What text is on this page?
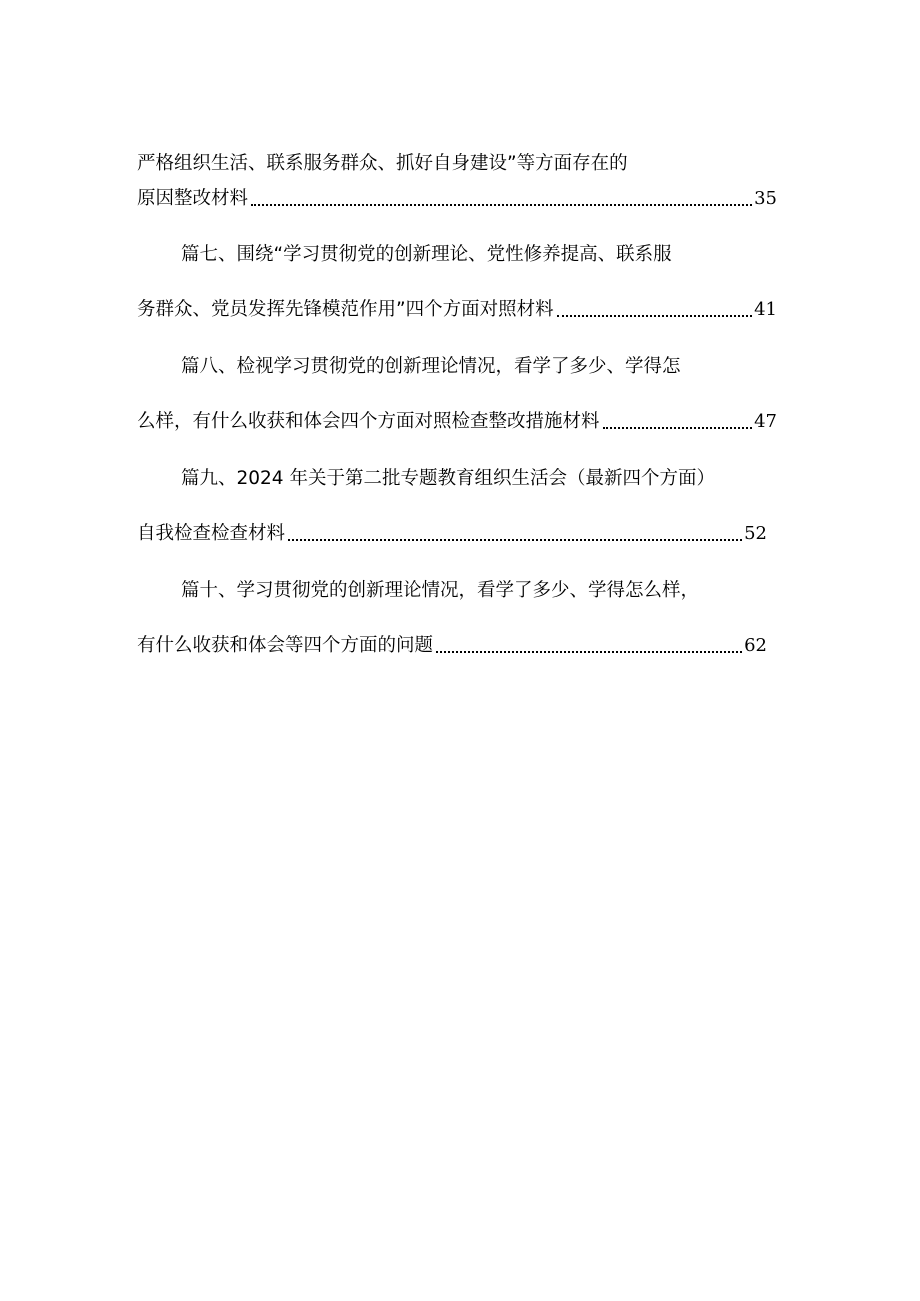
严格组织生活、联系服务群众、抓好自身建设”等方面存在的
原因整改材料	35
篇七、围绕“学习贯彻党的创新理论、党性修养提高、联系服
务群众、党员发挥先锋模范作用”四个方面对照材料	41
篇八、检视学习贯彻党的创新理论情况，看学了多少、学得怎
么样，有什么收获和体会四个方面对照检查整改措施材料	47
篇九、2024 年关于第二批专题教育组织生活会（最新四个方面）
自我检查检查材料	52
篇十、学习贯彻党的创新理论情况，看学了多少、学得怎么样，
有什么收获和体会等四个方面的问题	62
